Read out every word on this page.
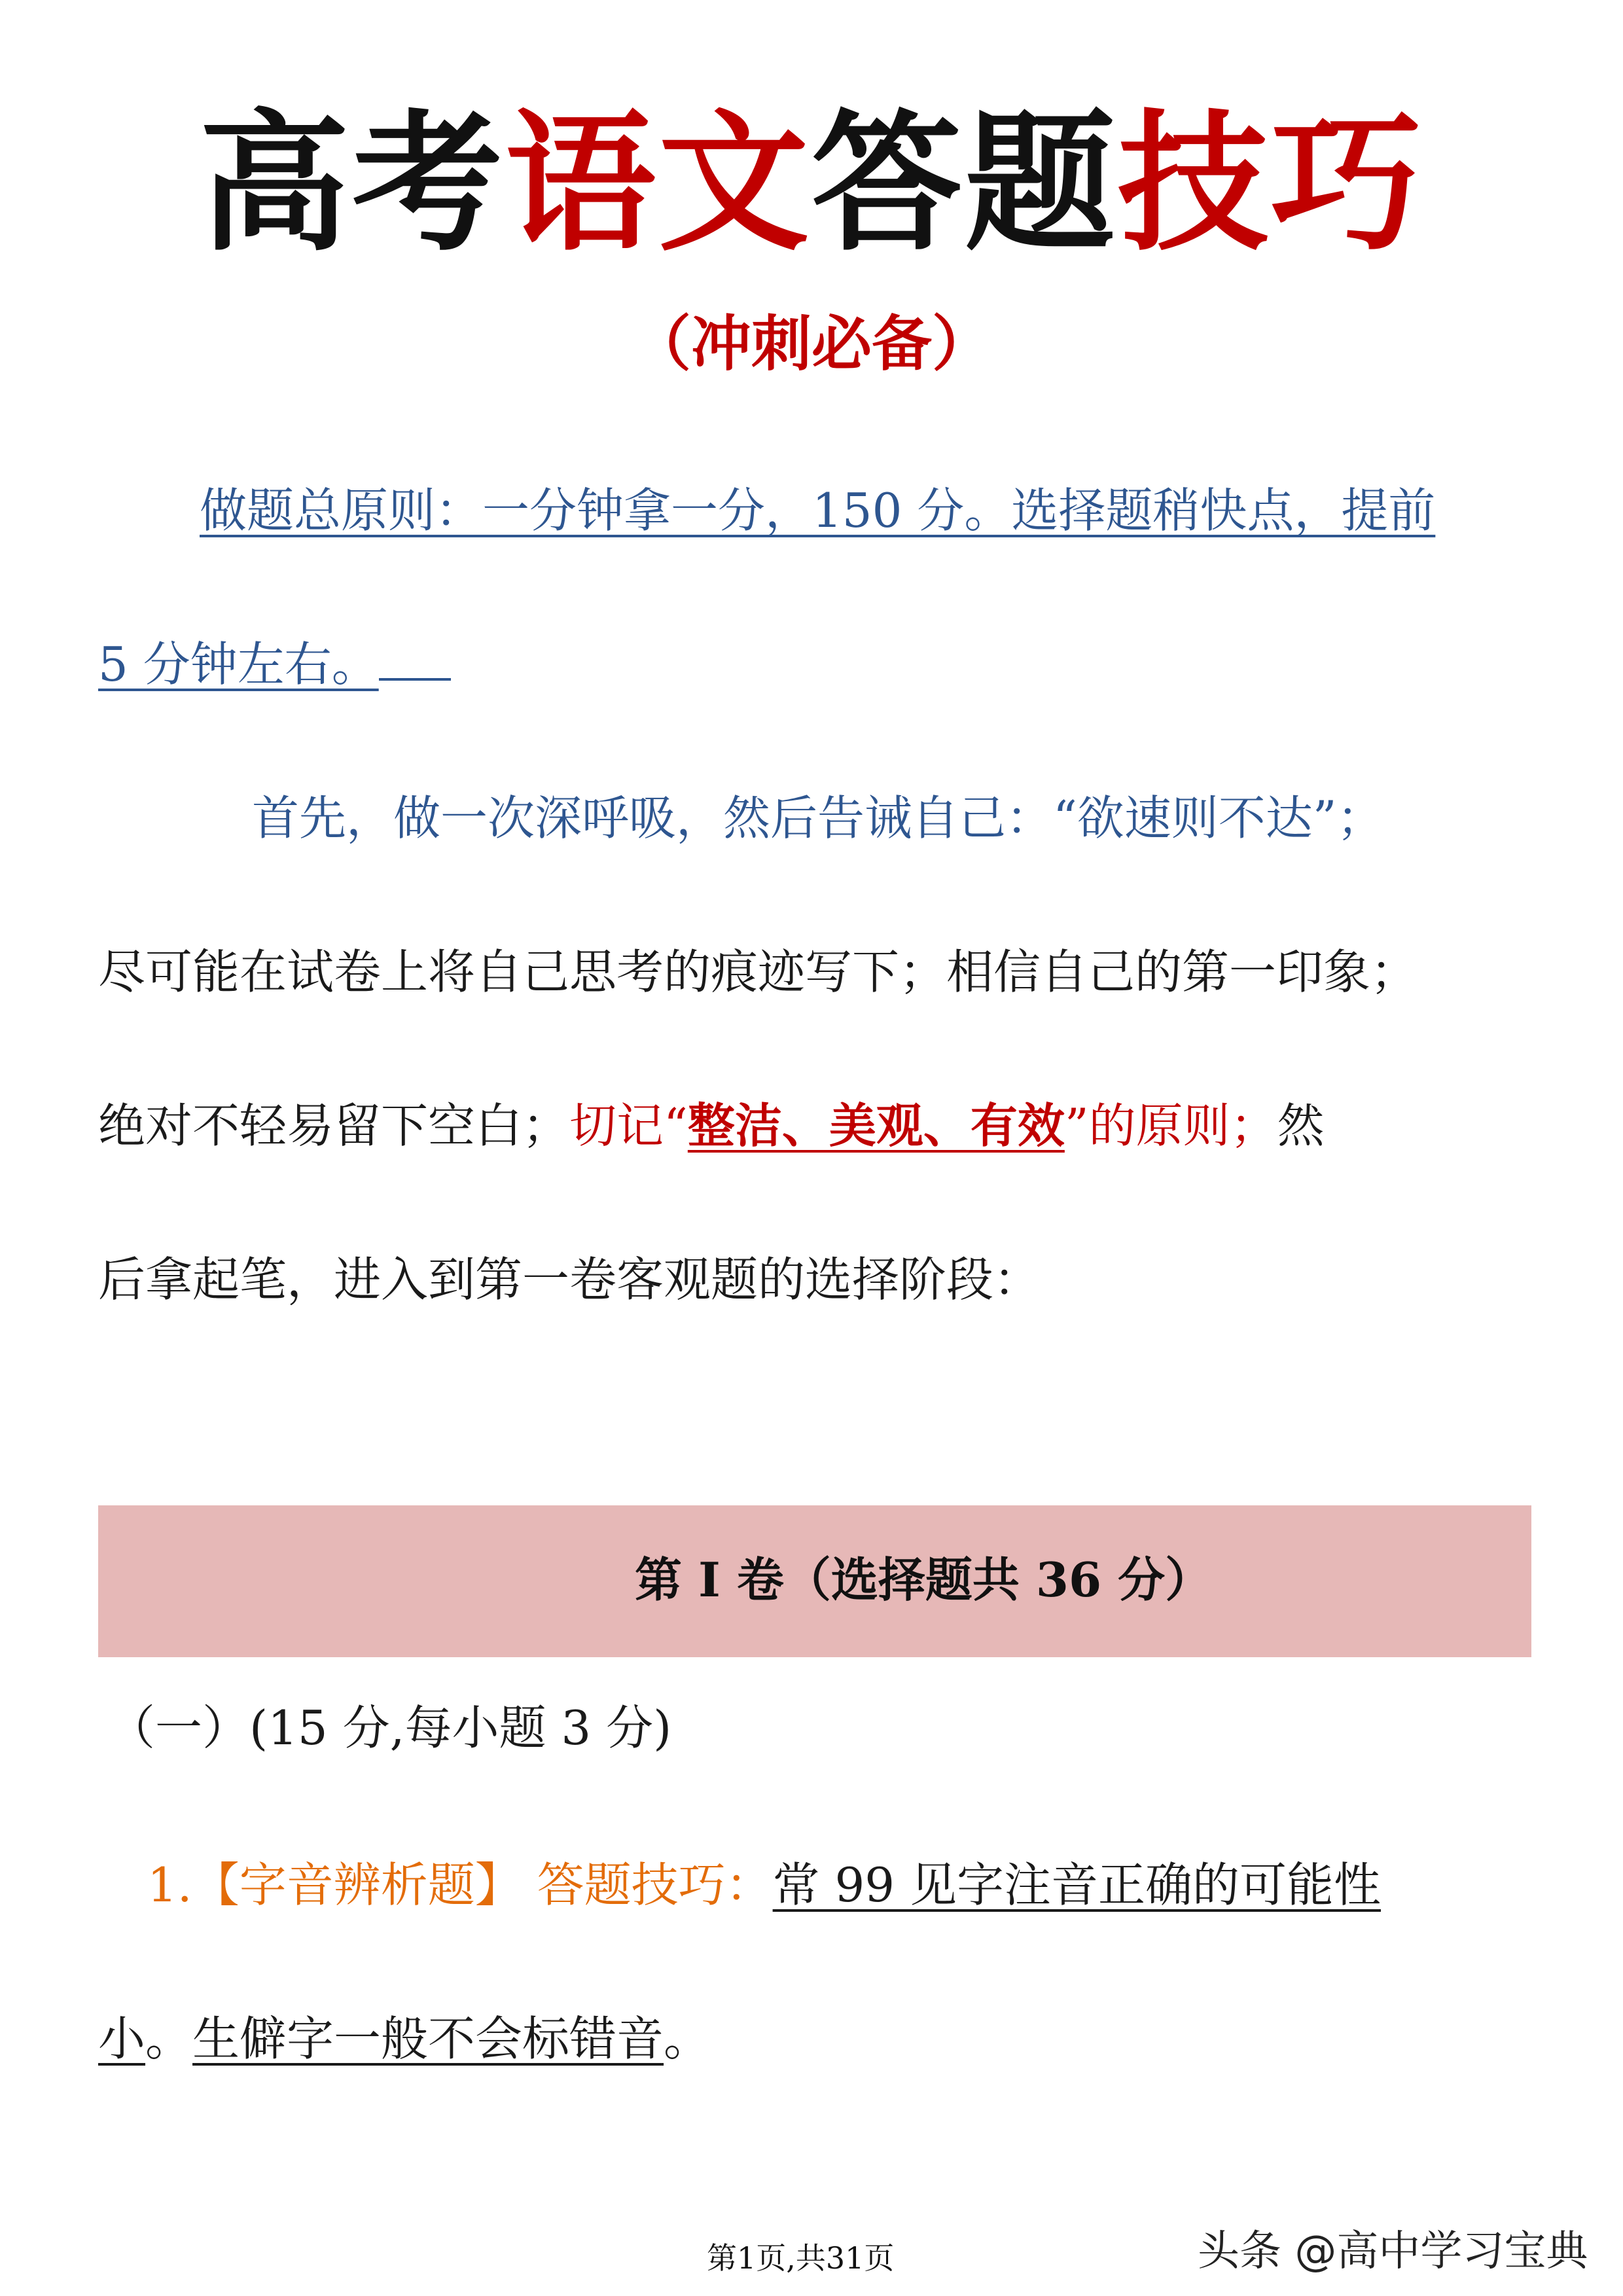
高考语文答题技巧
（冲刺必备）
做题总原则：一分钟拿一分，150 分。选择题稍快点，提前
5 分钟左右。
首先，做一次深呼吸，然后告诫自己：“欲速则不达”；
尽可能在试卷上将自己思考的痕迹写下；相信自己的第一印象；
绝对不轻易留下空白；切记“整洁、美观、有效”的原则；然
后拿起笔，进入到第一卷客观题的选择阶段：
第 I 卷（选择题共 36 分）
（一）(15 分,每小题 3 分)
1.【字音辨析题】 答题技巧：常 99 见字注音正确的可能性
小。生僻字一般不会标错音。
第1页,共31页	头条 @高中学习宝典
